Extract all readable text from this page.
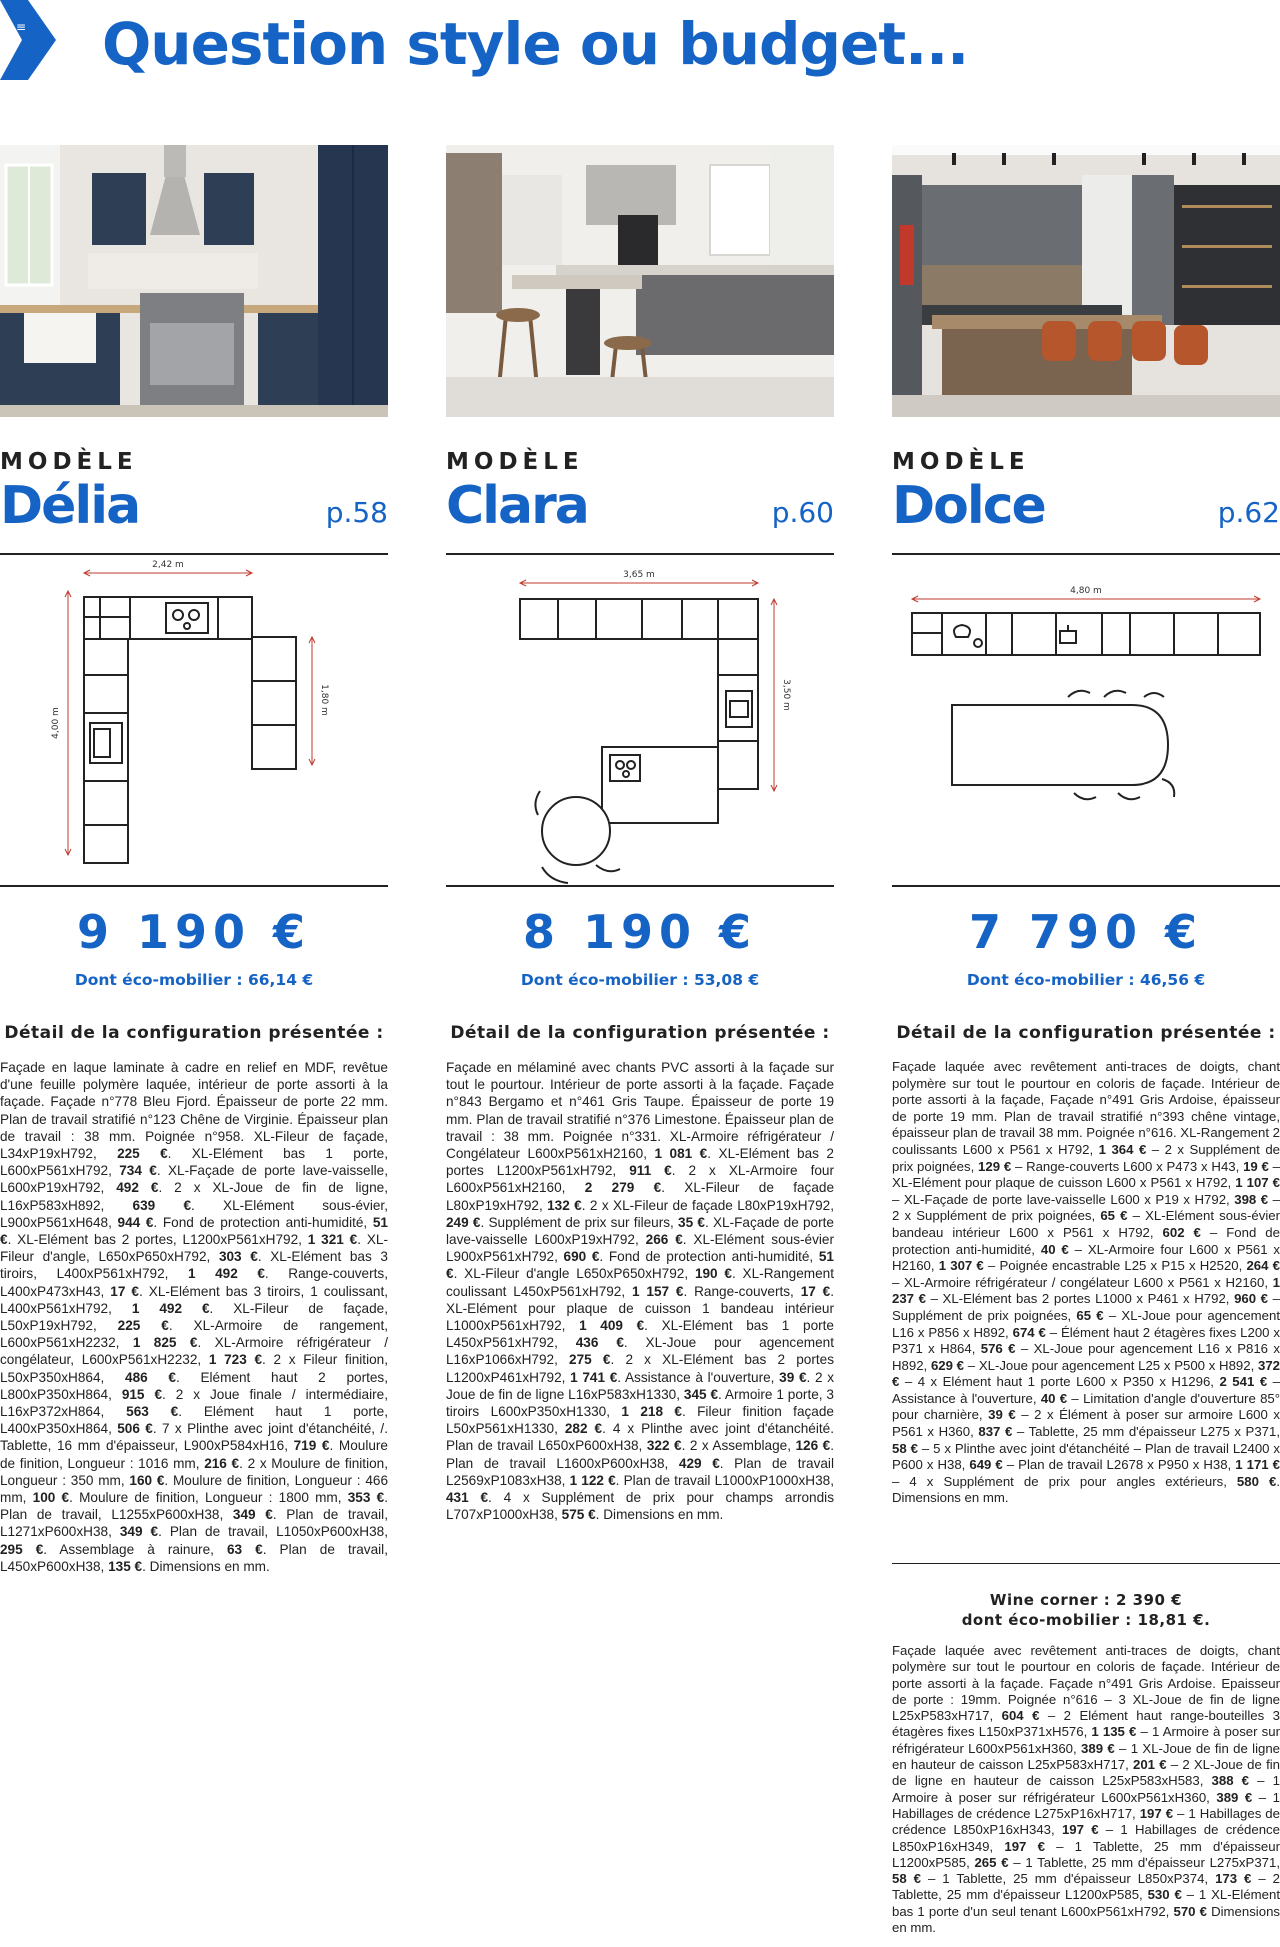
≡ Question style ou budget...
MODÈLE
Délia	p.58
2,42 m
4,00 m
1,80 m
9 190 €
Dont éco-mobilier : 66,14 €
Détail de la configuration présentée :

Façade en laque laminate à cadre en relief en MDF, revêtue d'une feuille polymère laquée, intérieur de porte assorti à la façade. Façade n°778 Bleu Fjord. Épaisseur de porte 22 mm. Plan de travail stratifié n°123 Chêne de Virginie. Épaisseur plan de travail : 38 mm. Poignée n°958. XL-Fileur de façade, L34xP19xH792, 225 €. XL-Elément bas 1 porte, L600xP561xH792, 734 €. XL-Façade de porte lave-vaisselle, L600xP19xH792, 492 €. 2 x XL-Joue de fin de ligne, L16xP583xH892, 639 €. XL-Elément sous-évier, L900xP561xH648, 944 €. Fond de protection anti-humidité, 51 €. XL-Elément bas 2 portes, L1200xP561xH792, 1 321 €. XL-Fileur d'angle, L650xP650xH792, 303 €. XL-Elément bas 3 tiroirs, L400xP561xH792, 1 492 €. Range-couverts, L400xP473xH43, 17 €. XL-Elément bas 3 tiroirs, 1 coulissant, L400xP561xH792, 1 492 €. XL-Fileur de façade, L50xP19xH792, 225 €. XL-Armoire de rangement, L600xP561xH2232, 1 825 €. XL-Armoire réfrigérateur / congélateur, L600xP561xH2232, 1 723 €. 2 x Fileur finition, L50xP350xH864, 486 €. Elément haut 2 portes, L800xP350xH864, 915 €. 2 x Joue finale / intermédiaire, L16xP372xH864, 563 €. Elément haut 1 porte, L400xP350xH864, 506 €. 7 x Plinthe avec joint d'étanchéité, /. Tablette, 16 mm d'épaisseur, L900xP584xH16, 719 €. Moulure de finition, Longueur : 1016 mm, 216 €. 2 x Moulure de finition, Longueur : 350 mm, 160 €. Moulure de finition, Longueur : 466 mm, 100 €. Moulure de finition, Longueur : 1800 mm, 353 €. Plan de travail, L1255xP600xH38, 349 €. Plan de travail, L1271xP600xH38, 349 €. Plan de travail, L1050xP600xH38, 295 €. Assemblage à rainure, 63 €. Plan de travail, L450xP600xH38, 135 €. Dimensions en mm.

MODÈLE
Clara	p.60
3,65 m
3,50 m
8 190 €
Dont éco-mobilier : 53,08 €
Détail de la configuration présentée :

Façade en mélaminé avec chants PVC assorti à la façade sur tout le pourtour. Intérieur de porte assorti à la façade. Façade n°843 Bergamo et n°461 Gris Taupe. Épaisseur de porte 19 mm. Plan de travail stratifié n°376 Limestone. Épaisseur plan de travail : 38 mm. Poignée n°331. XL-Armoire réfrigérateur / Congélateur L600xP561xH2160, 1 081 €. XL-Elément bas 2 portes L1200xP561xH792, 911 €. 2 x XL-Armoire four L600xP561xH2160, 2 279 €. XL-Fileur de façade L80xP19xH792, 132 €. 2 x XL-Fileur de façade L80xP19xH792, 249 €. Supplément de prix sur fileurs, 35 €. XL-Façade de porte lave-vaisselle L600xP19xH792, 266 €. XL-Elément sous-évier L900xP561xH792, 690 €. Fond de protection anti-humidité, 51 €. XL-Fileur d'angle L650xP650xH792, 190 €. XL-Rangement coulissant L450xP561xH792, 1 157 €. Range-couverts, 17 €. XL-Elément pour plaque de cuisson 1 bandeau intérieur L1000xP561xH792, 1 409 €. XL-Elément bas 1 porte L450xP561xH792, 436 €. XL-Joue pour agencement L16xP1066xH792, 275 €. 2 x XL-Elément bas 2 portes L1200xP461xH792, 1 741 €. Assistance à l'ouverture, 39 €. 2 x Joue de fin de ligne L16xP583xH1330, 345 €. Armoire 1 porte, 3 tiroirs L600xP350xH1330, 1 218 €. Fileur finition façade L50xP561xH1330, 282 €. 4 x Plinthe avec joint d'étanchéité. Plan de travail L650xP600xH38, 322 €. 2 x Assemblage, 126 €. Plan de travail L1600xP600xH38, 429 €. Plan de travail L2569xP1083xH38, 1 122 €. Plan de travail L1000xP1000xH38, 431 €. 4 x Supplément de prix pour champs arrondis L707xP1000xH38, 575 €. Dimensions en mm.

MODÈLE
Dolce	p.62
4,80 m
7 790 €
Dont éco-mobilier : 46,56 €
Détail de la configuration présentée :

Façade laquée avec revêtement anti-traces de doigts, chant polymère sur tout le pourtour en coloris de façade. Intérieur de porte assorti à la façade, Façade n°491 Gris Ardoise, épaisseur de porte 19 mm. Plan de travail stratifié n°393 chêne vintage, épaisseur plan de travail 38 mm. Poignée n°616. XL-Rangement 2 coulissants L600 x P561 x H792, 1 364 € – 2 x Supplément de prix poignées, 129 € – Range-couverts L600 x P473 x H43, 19 € – XL-Elément pour plaque de cuisson L600 x P561 x H792, 1 107 € – XL-Façade de porte lave-vaisselle L600 x P19 x H792, 398 € – 2 x Supplément de prix poignées, 65 € – XL-Elément sous-évier bandeau intérieur L600 x P561 x H792, 602 € – Fond de protection anti-humidité, 40 € – XL-Armoire four L600 x P561 x H2160, 1 307 € – Poignée encastrable L25 x P15 x H2520, 264 € – XL-Armoire réfrigérateur / congélateur L600 x P561 x H2160, 1 237 € – XL-Elément bas 2 portes L1000 x P461 x H792, 960 € – Supplément de prix poignées, 65 € – XL-Joue pour agencement L16 x P856 x H892, 674 € – Élément haut 2 étagères fixes L200 x P371 x H864, 576 € – XL-Joue pour agencement L16 x P816 x H892, 629 € – XL-Joue pour agencement L25 x P500 x H892, 372 € – 4 x Elément haut 1 porte L600 x P350 x H1296, 2 541 € – Assistance à l'ouverture, 40 € – Limitation d'angle d'ouverture 85° pour charnière, 39 € – 2 x Élément à poser sur armoire L600 x P561 x H360, 837 € – Tablette, 25 mm d'épaisseur L275 x P371, 58 € – 5 x Plinthe avec joint d'étanchéité – Plan de travail L2400 x P600 x H38, 649 € – Plan de travail L2678 x P950 x H38, 1 171 € – 4 x Supplément de prix pour angles extérieurs, 580 €. Dimensions en mm.

Wine corner : 2 390 €
dont éco-mobilier : 18,81 €.

Façade laquée avec revêtement anti-traces de doigts, chant polymère sur tout le pourtour en coloris de façade. Intérieur de porte assorti à la façade. Façade n°491 Gris Ardoise. Epaisseur de porte : 19mm. Poignée n°616 – 3 XL-Joue de fin de ligne L25xP583xH717, 604 € – 2 Elément haut range-bouteilles 3 étagères fixes L150xP371xH576, 1 135 € – 1 Armoire à poser sur réfrigérateur L600xP561xH360, 389 € – 1 XL-Joue de fin de ligne en hauteur de caisson L25xP583xH717, 201 € – 2 XL-Joue de fin de ligne en hauteur de caisson L25xP583xH583, 388 € – 1 Armoire à poser sur réfrigérateur L600xP561xH360, 389 € – 1 Habillages de crédence L275xP16xH717, 197 € – 1 Habillages de crédence L850xP16xH343, 197 € – 1 Habillages de crédence L850xP16xH349, 197 € – 1 Tablette, 25 mm d'épaisseur L1200xP585, 265 € – 1 Tablette, 25 mm d'épaisseur L275xP371, 58 € – 1 Tablette, 25 mm d'épaisseur L850xP374, 173 € – 2 Tablette, 25 mm d'épaisseur L1200xP585, 530 € – 1 XL-Elément bas 1 porte d'un seul tenant L600xP561xH792, 570 € Dimensions en mm.
